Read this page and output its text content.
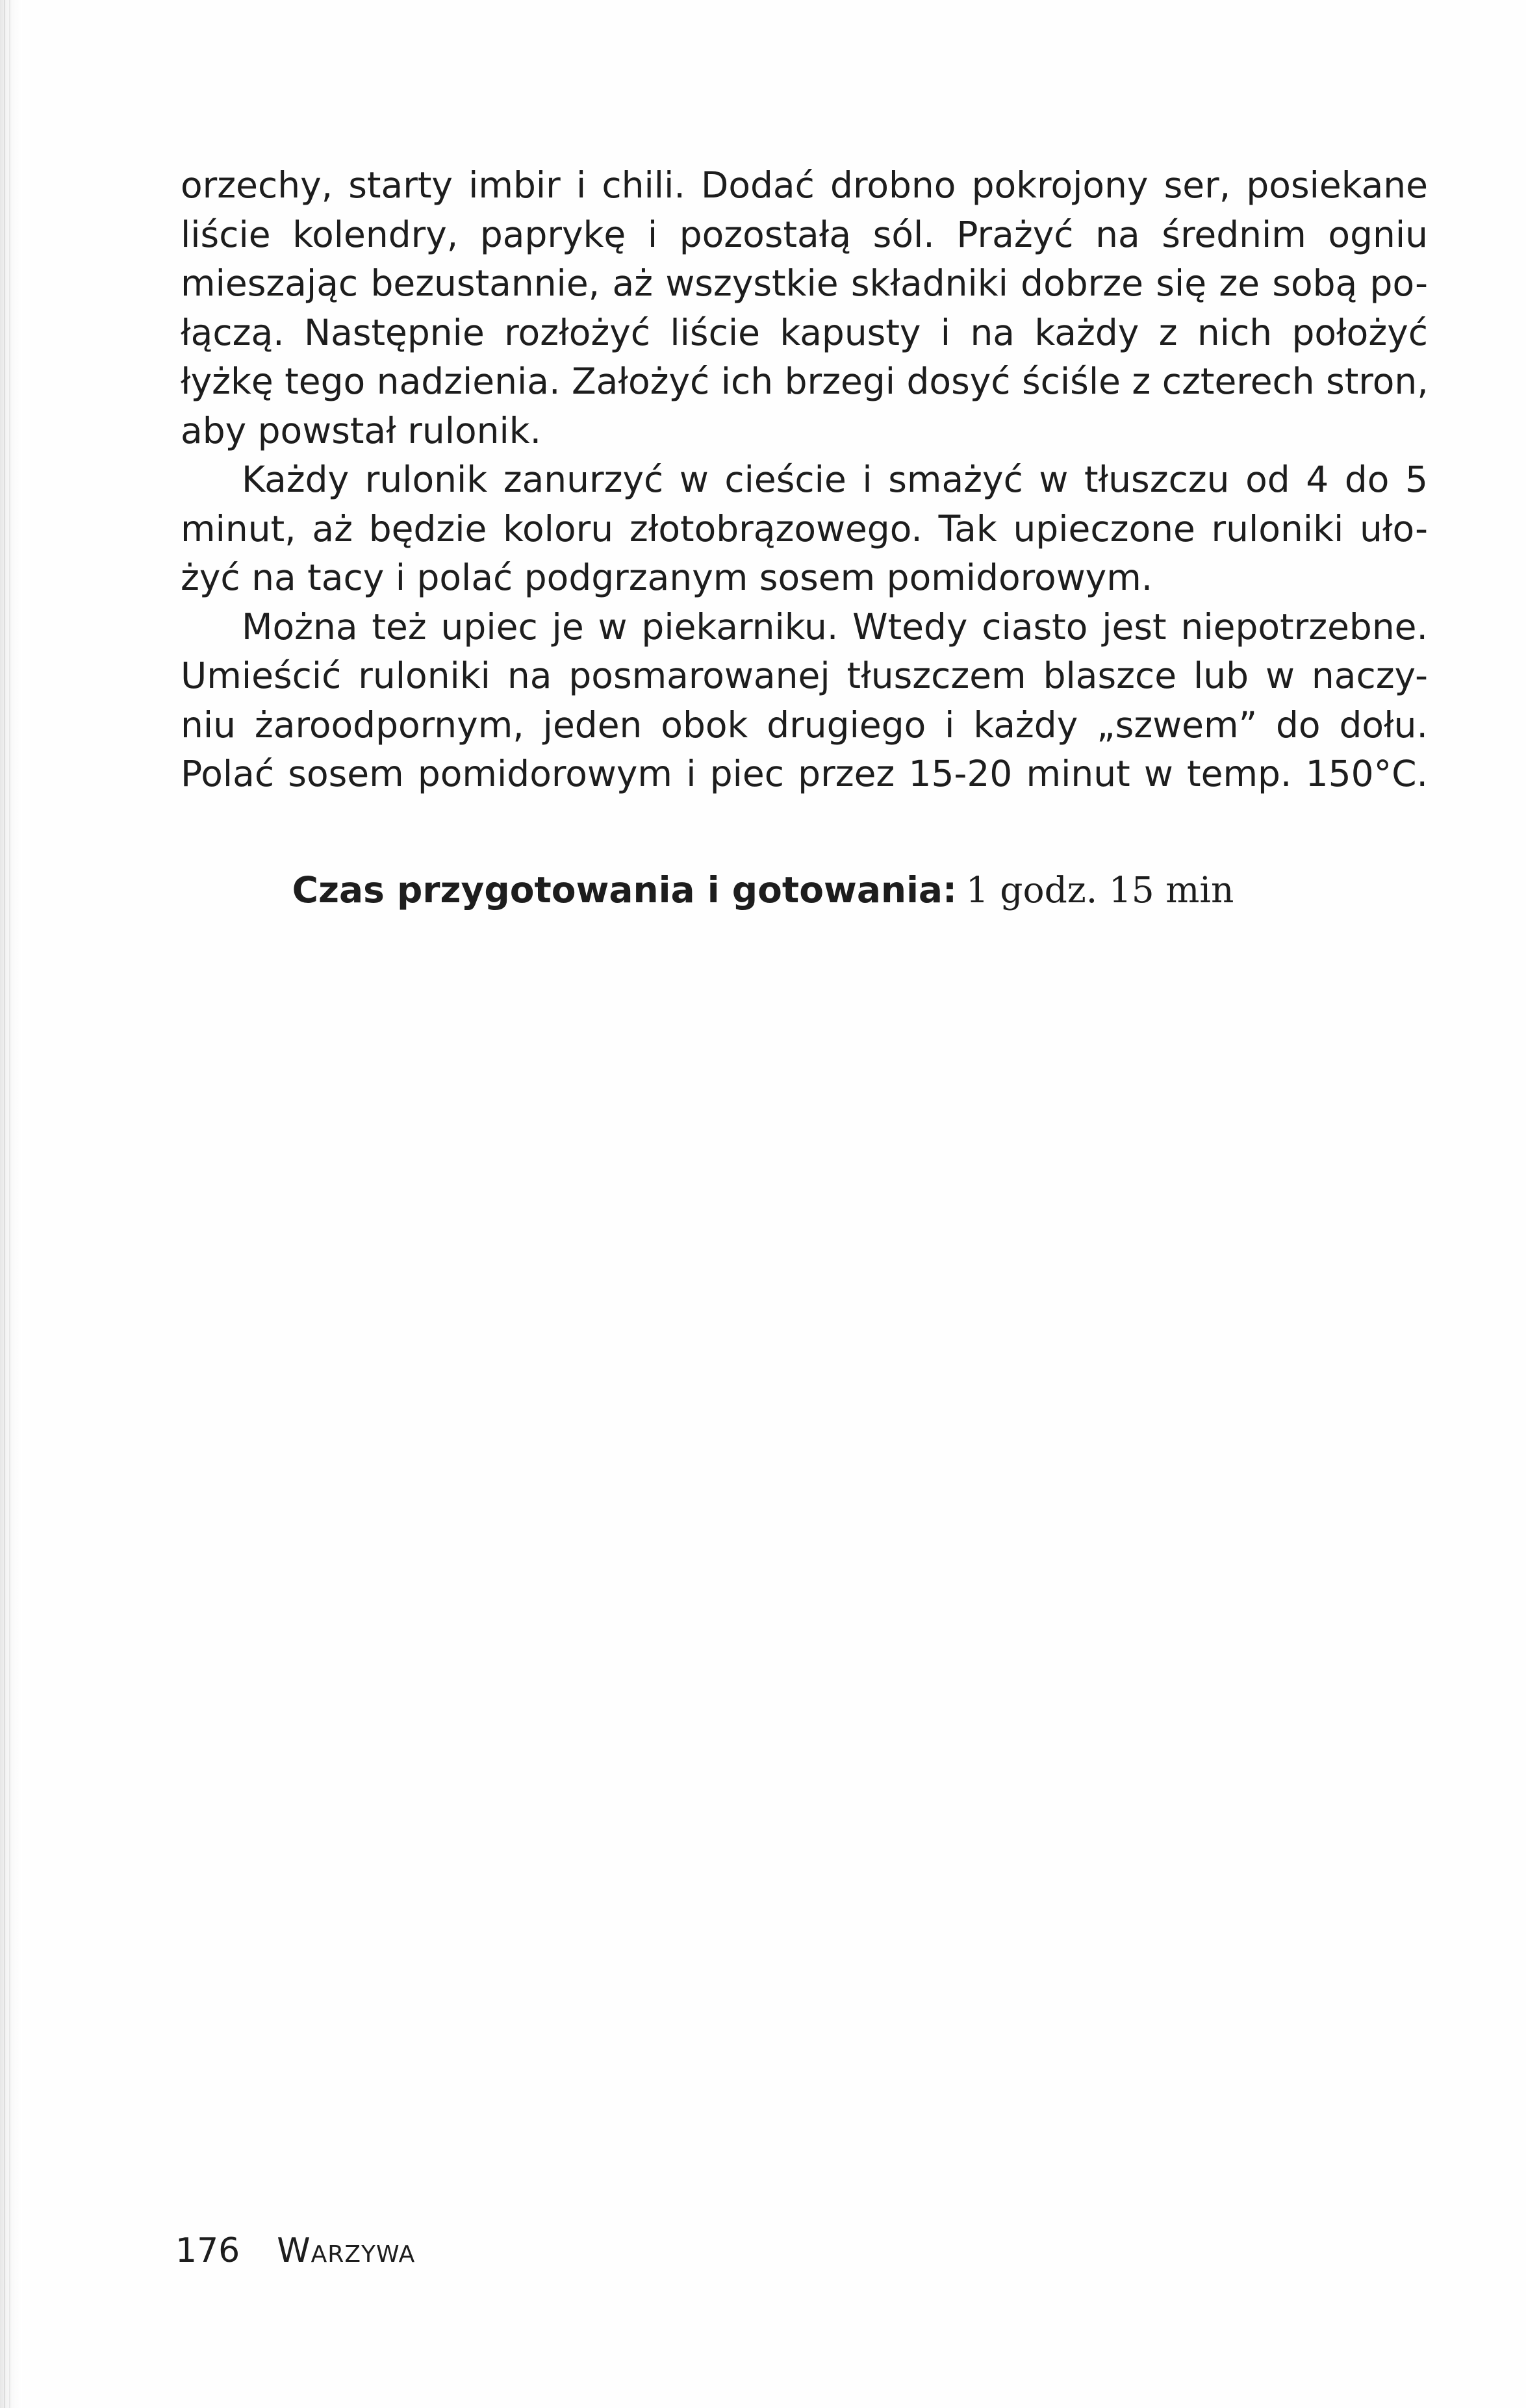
orzechy, starty imbir i chili. Dodać drobno pokrojony ser, posiekane
liście kolendry, paprykę i pozostałą sól. Prażyć na średnim ogniu
mieszając bezustannie, aż wszystkie składniki dobrze się ze sobą po-
łączą. Następnie rozłożyć liście kapusty i na każdy z nich położyć
łyżkę tego nadzienia. Założyć ich brzegi dosyć ściśle z czterech stron,
aby powstał rulonik.
Każdy rulonik zanurzyć w cieście i smażyć w tłuszczu od 4 do 5
minut, aż będzie koloru złotobrązowego. Tak upieczone ruloniki uło-
żyć na tacy i polać podgrzanym sosem pomidorowym.
Można też upiec je w piekarniku. Wtedy ciasto jest niepotrzebne.
Umieścić ruloniki na posmarowanej tłuszczem blaszce lub w naczy-
niu żaroodpornym, jeden obok drugiego i każdy „szwem” do dołu.
Polać sosem pomidorowym i piec przez 15-20 minut w temp. 150°C.
Czas przygotowania i gotowania: 1 godz. 15 min
176 Warzywa
